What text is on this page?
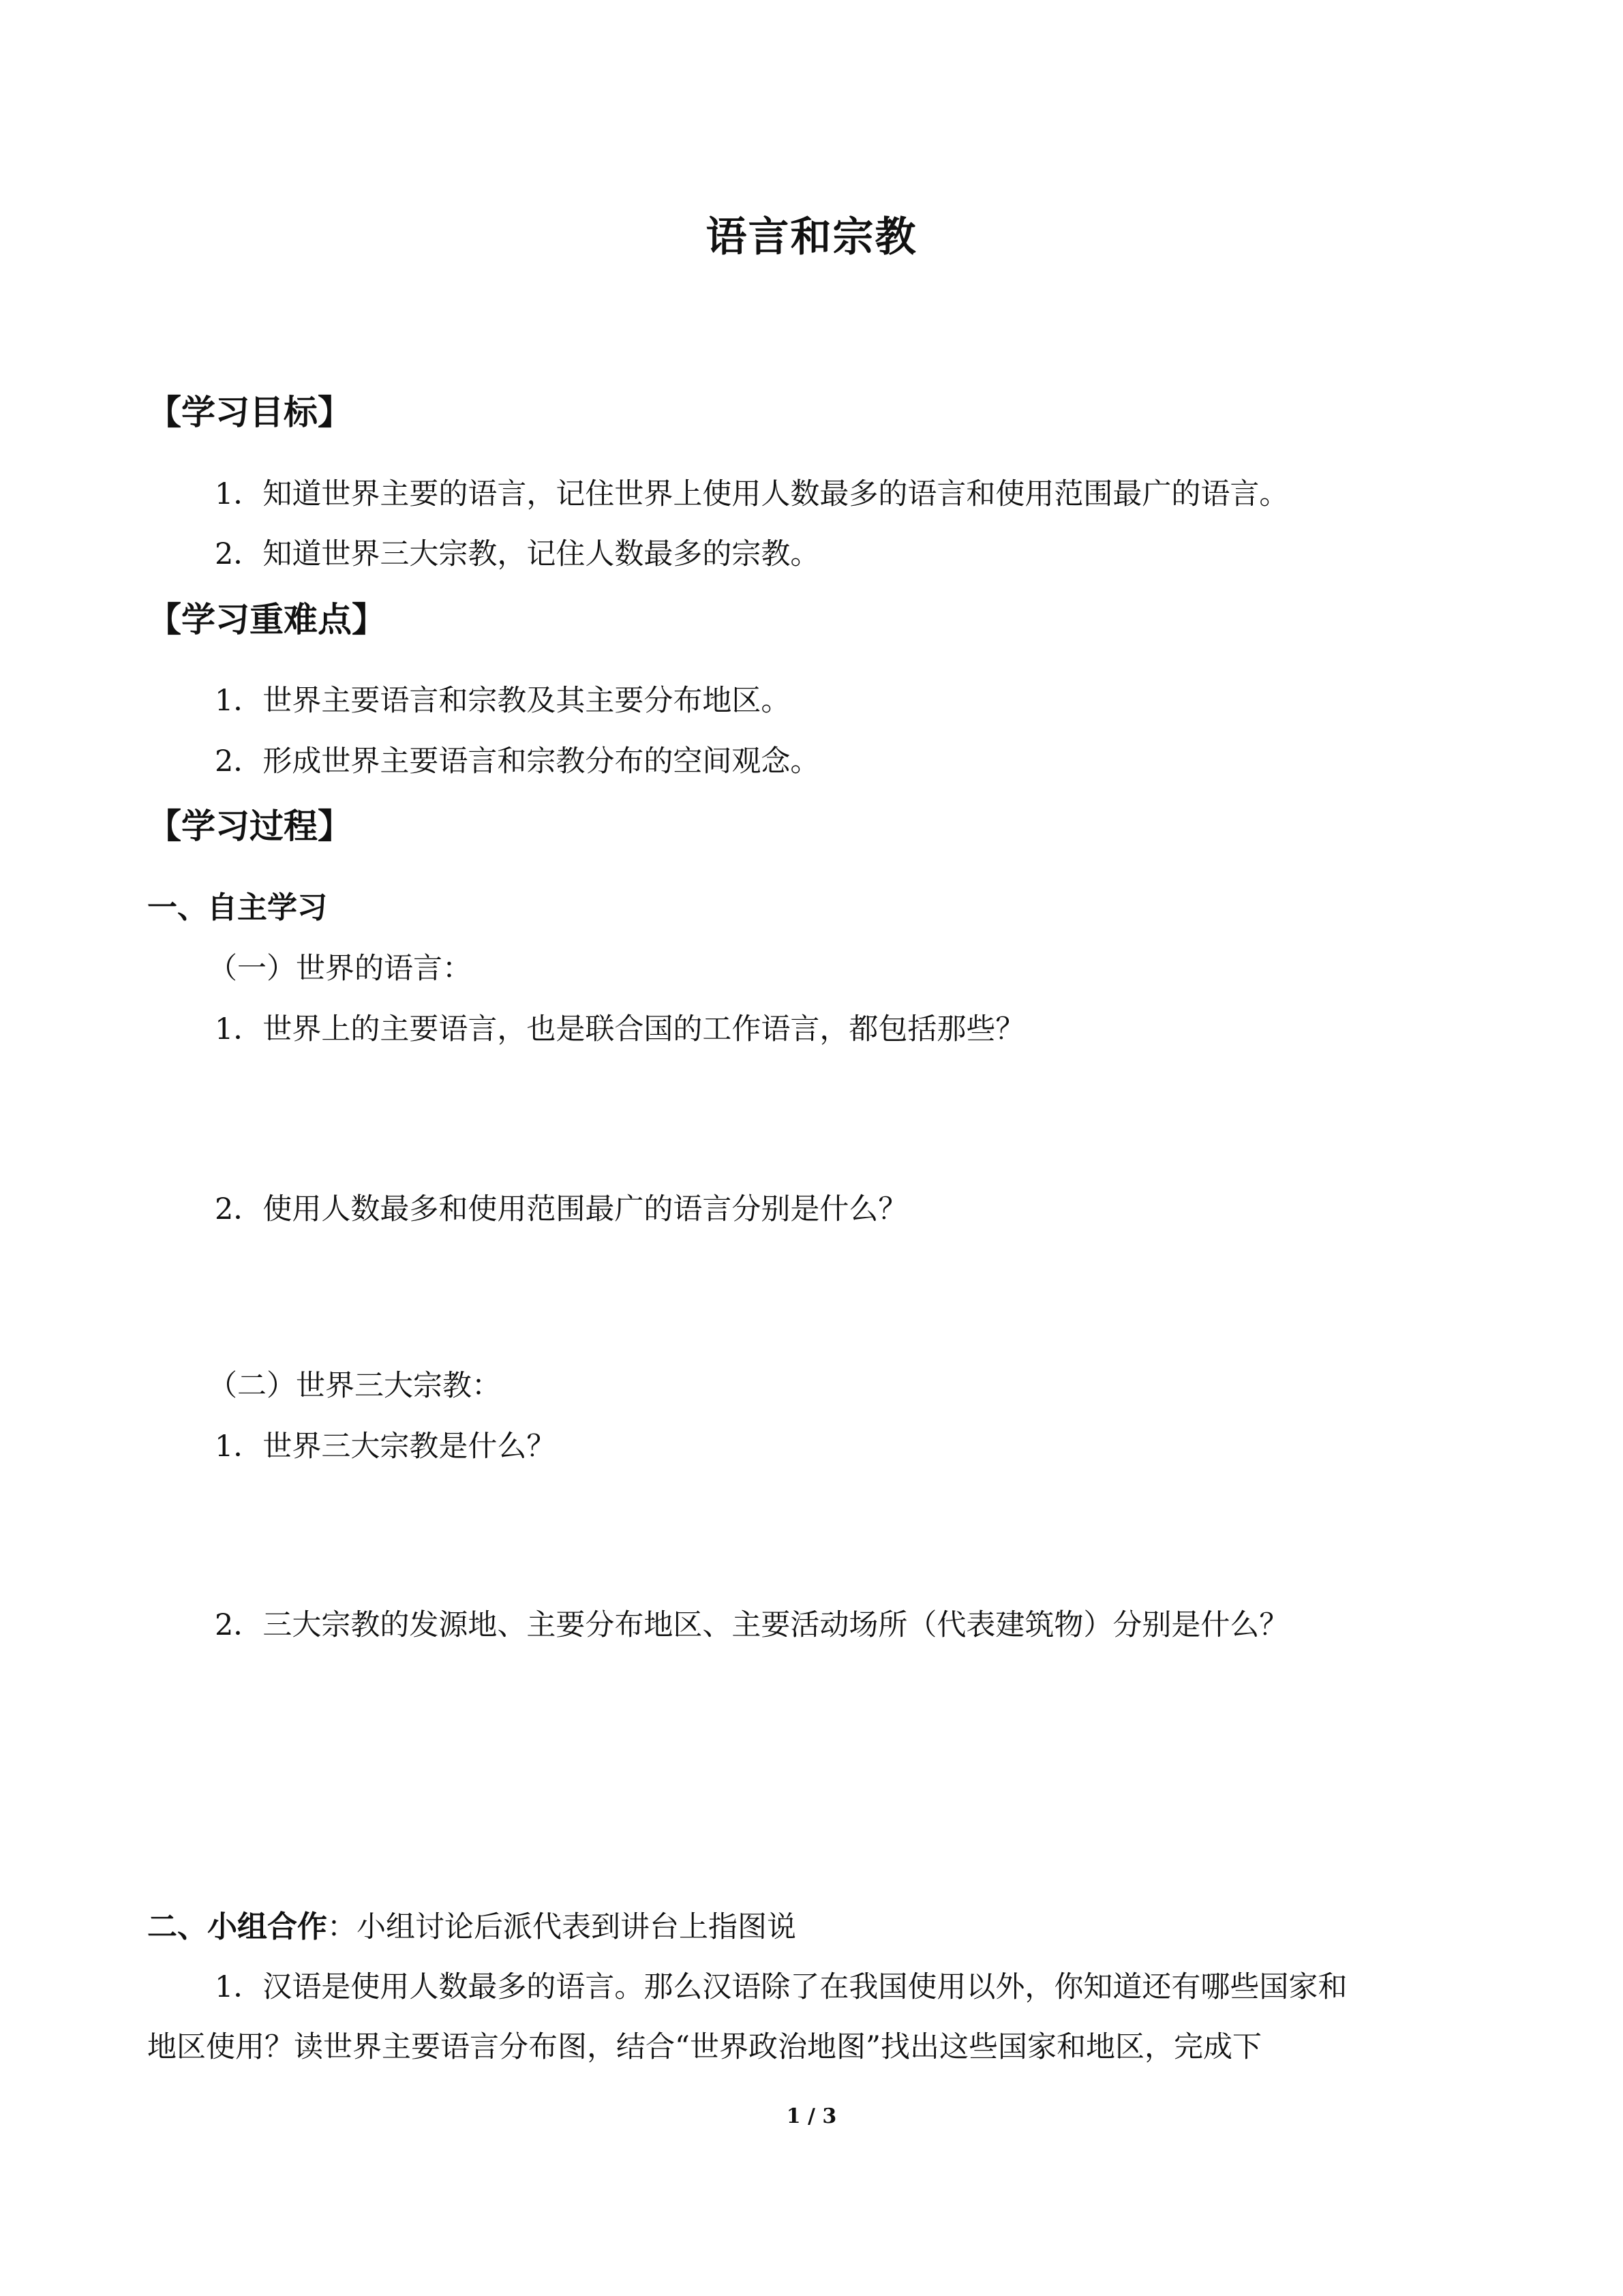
语言和宗教
【学习目标】
1．知道世界主要的语言，记住世界上使用人数最多的语言和使用范围最广的语言。
2．知道世界三大宗教，记住人数最多的宗教。
【学习重难点】
1．世界主要语言和宗教及其主要分布地区。
2．形成世界主要语言和宗教分布的空间观念。
【学习过程】
一、自主学习
（一）世界的语言：
1．世界上的主要语言，也是联合国的工作语言，都包括那些？
2．使用人数最多和使用范围最广的语言分别是什么？
（二）世界三大宗教：
1．世界三大宗教是什么？
2．三大宗教的发源地、主要分布地区、主要活动场所（代表建筑物）分别是什么？
二、小组合作：小组讨论后派代表到讲台上指图说
1．汉语是使用人数最多的语言。那么汉语除了在我国使用以外，你知道还有哪些国家和
地区使用？读世界主要语言分布图，结合“世界政治地图”找出这些国家和地区，完成下
1 / 3
